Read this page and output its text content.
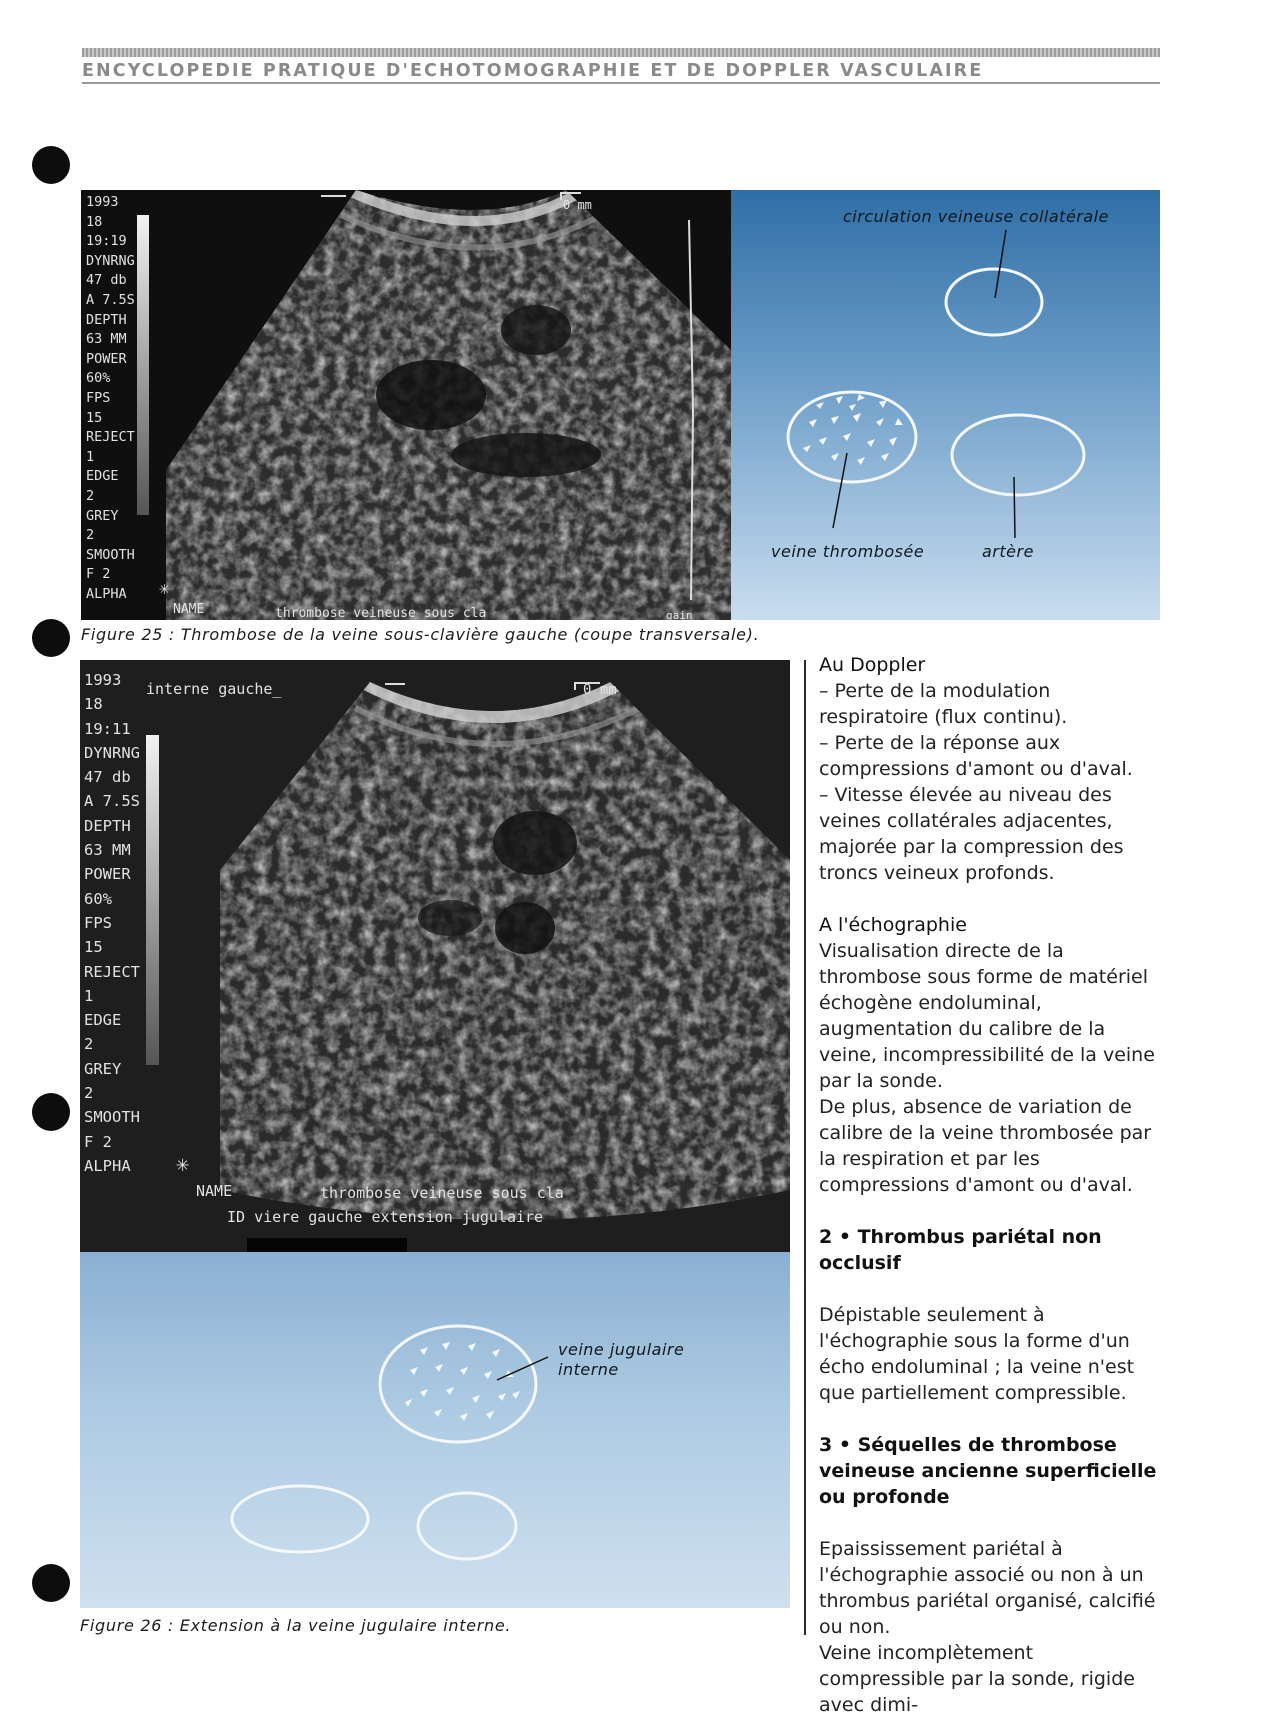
ENCYCLOPEDIE PRATIQUE D'ECHOTOMOGRAPHIE ET DE DOPPLER VASCULAIRE
1993
18
19:19
DYNRNG
47 db
A 7.5S
DEPTH
63 MM
POWER
60%
FPS
15
REJECT
1
EDGE
2
GREY
2
SMOOTH
F 2
ALPHA
0 mm
✳
NAME	thrombose veineuse sous cla	gain
circulation veineuse collatérale
veine thrombosée	artère
Figure 25 : Thrombose de la veine sous-clavière gauche (coupe transversale).
1993
18
19:11
DYNRNG
47 db
A 7.5S
DEPTH
63 MM
POWER
60%
FPS
15
REJECT
1
EDGE
2
GREY
2
SMOOTH
F 2
ALPHA
interne gauche_	0 mm
✳
NAME	thrombose veineuse sous cla
ID viere gauche extension jugulaire
veine jugulaire
interne
Figure 26 : Extension à la veine jugulaire interne.

Au Doppler

– Perte de la modulation respiratoire (flux continu).

– Perte de la réponse aux compressions d'amont ou d'aval.

– Vitesse élevée au niveau des veines collatérales adjacentes, majorée par la compression des troncs veineux profonds.

A l'échographie

Visualisation directe de la thrombose sous forme de matériel échogène endoluminal, augmentation du calibre de la veine, incompressibilité de la veine par la sonde.

De plus, absence de variation de calibre de la veine thrombosée par la respiration et par les compressions d'amont ou d'aval.

2 • Thrombus pariétal non occlusif

Dépistable seulement à l'échographie sous la forme d'un écho endoluminal ; la veine n'est que partiellement compressible.

3 • Séquelles de thrombose veineuse ancienne superficielle ou profonde

Epaississement pariétal à l'échographie associé ou non à un thrombus pariétal organisé, calcifié ou non.

Veine incomplètement compressible par la sonde, rigide avec dimi-
